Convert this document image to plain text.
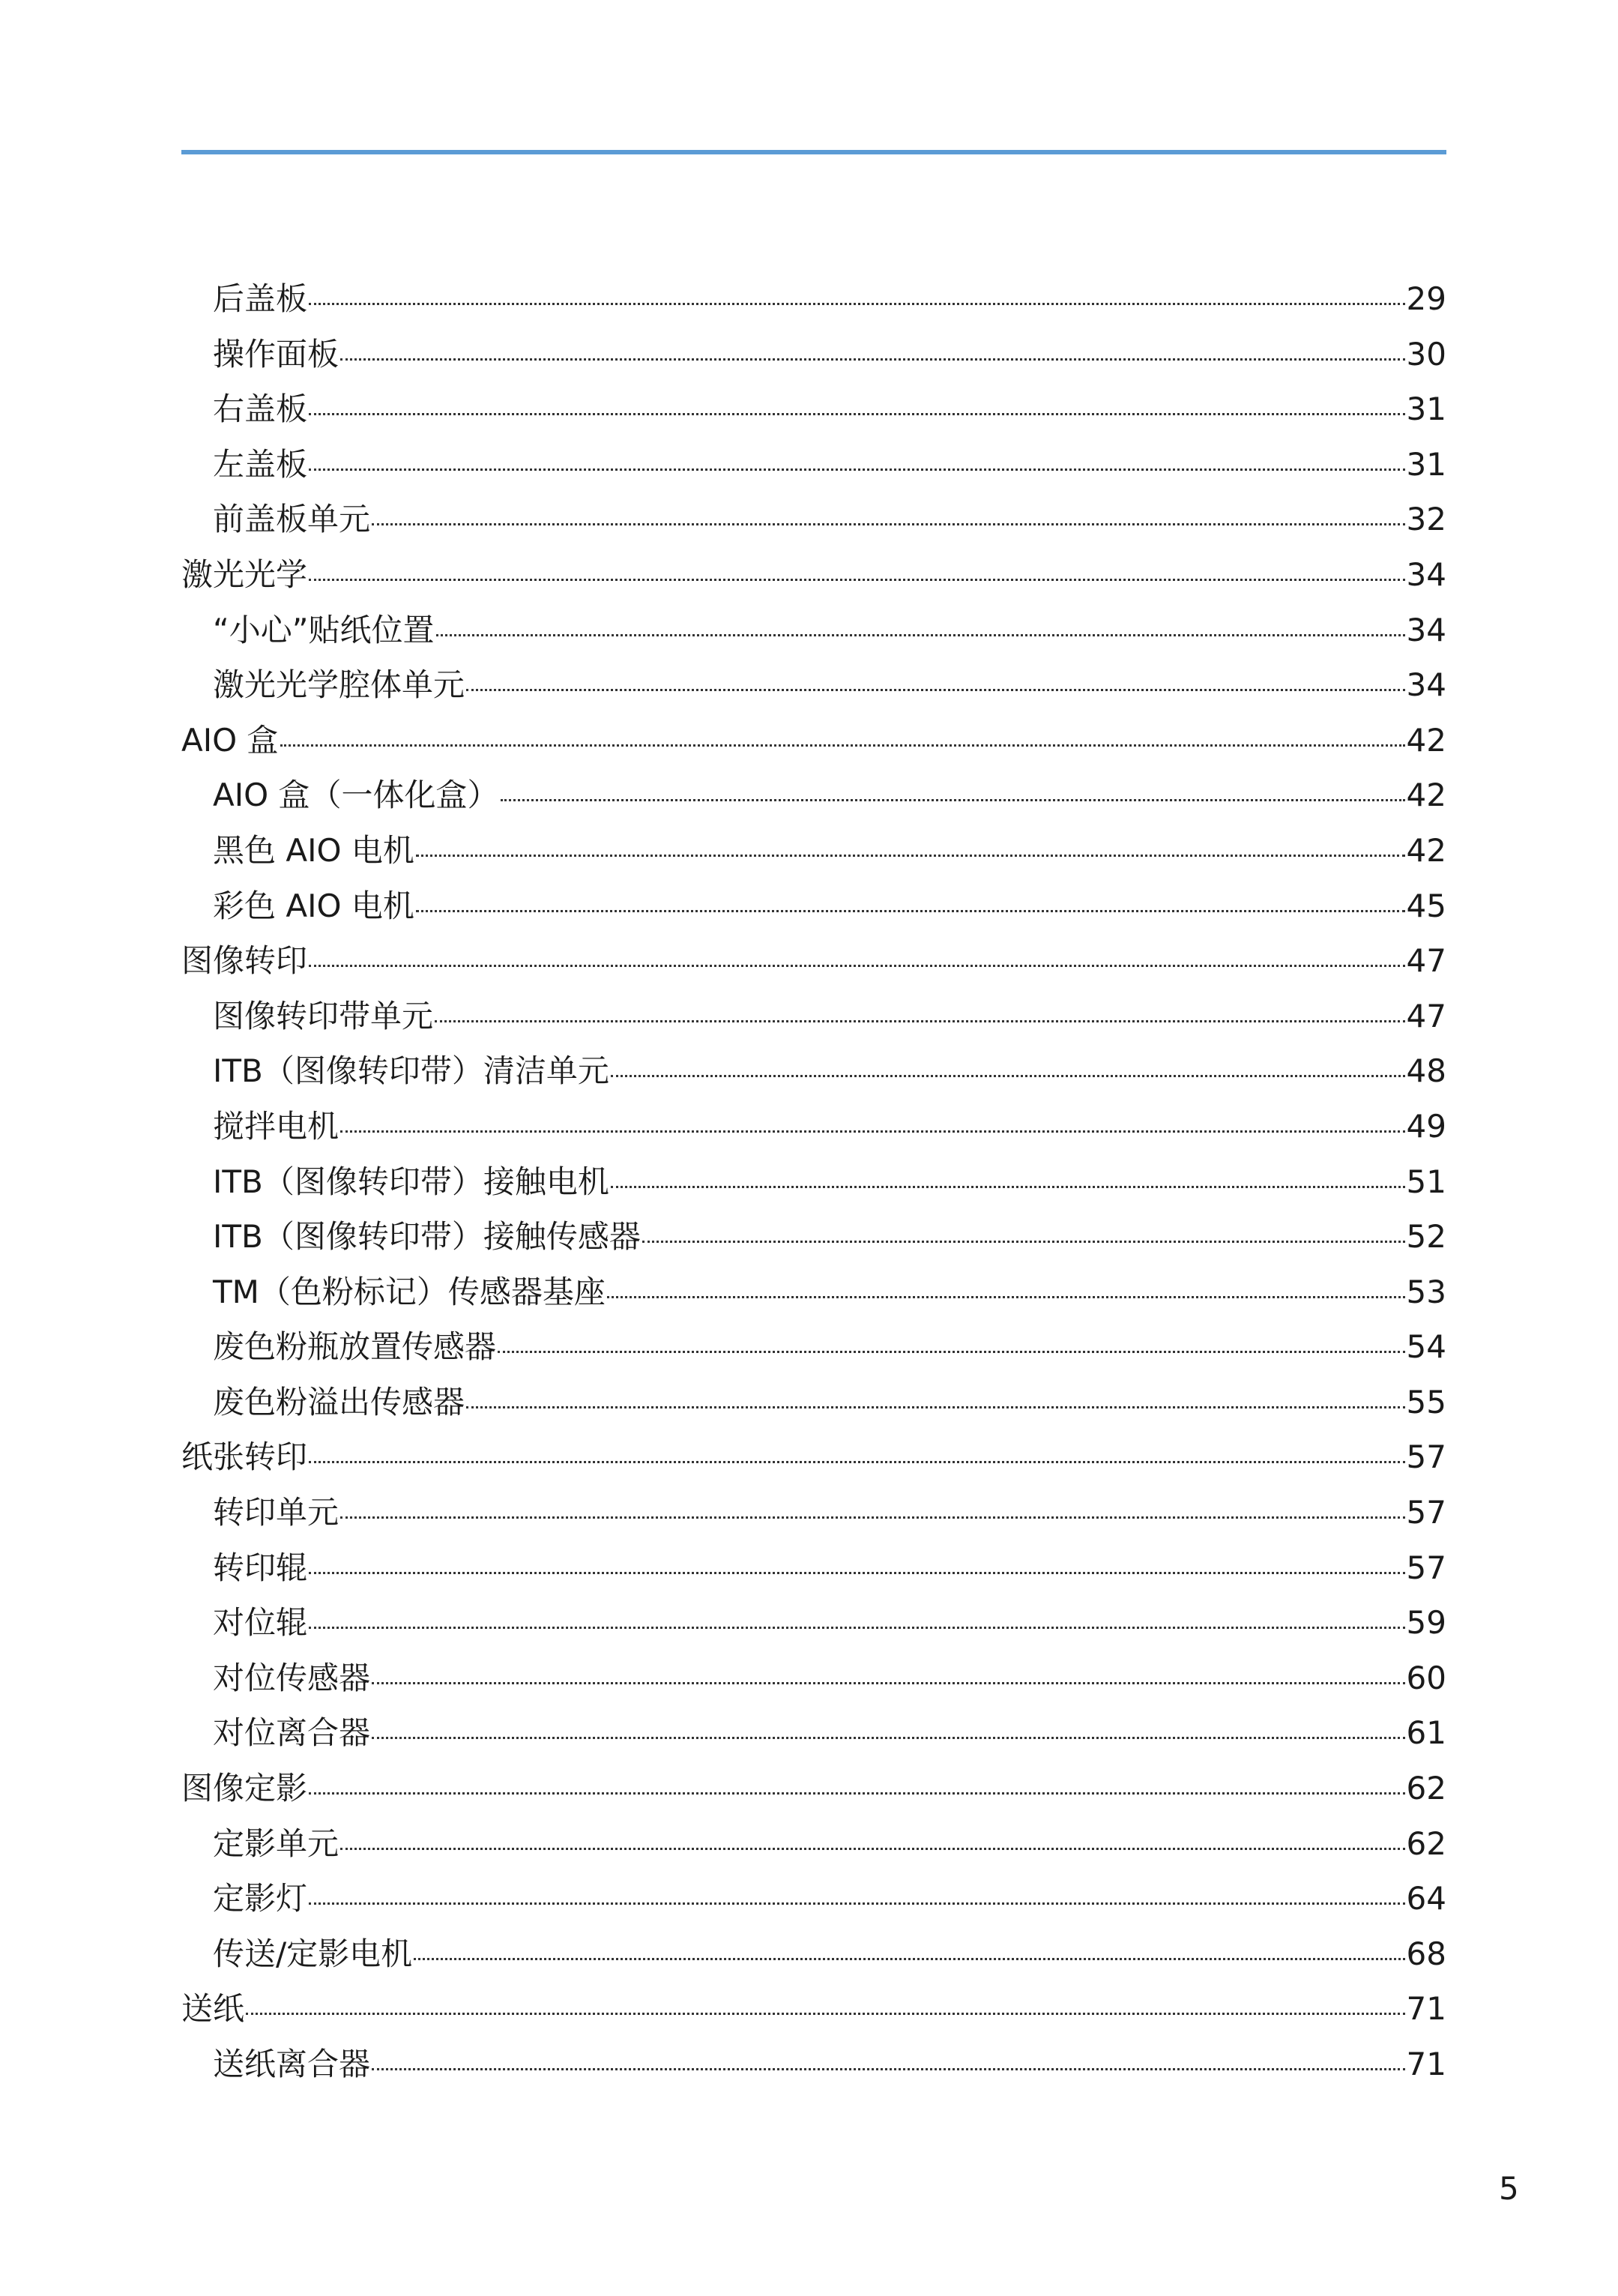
后盖板	29
操作面板	30
右盖板	31
左盖板	31
前盖板单元	32
激光光学	34
“小心”贴纸位置	34
激光光学腔体单元	34
AIO 盒	42
AIO 盒（一体化盒）	42
黑色 AIO 电机	42
彩色 AIO 电机	45
图像转印	47
图像转印带单元	47
ITB（图像转印带）清洁单元	48
搅拌电机	49
ITB（图像转印带）接触电机	51
ITB（图像转印带）接触传感器	52
TM（色粉标记）传感器基座	53
废色粉瓶放置传感器	54
废色粉溢出传感器	55
纸张转印	57
转印单元	57
转印辊	57
对位辊	59
对位传感器	60
对位离合器	61
图像定影	62
定影单元	62
定影灯	64
传送/定影电机	68
送纸	71
送纸离合器	71
5
